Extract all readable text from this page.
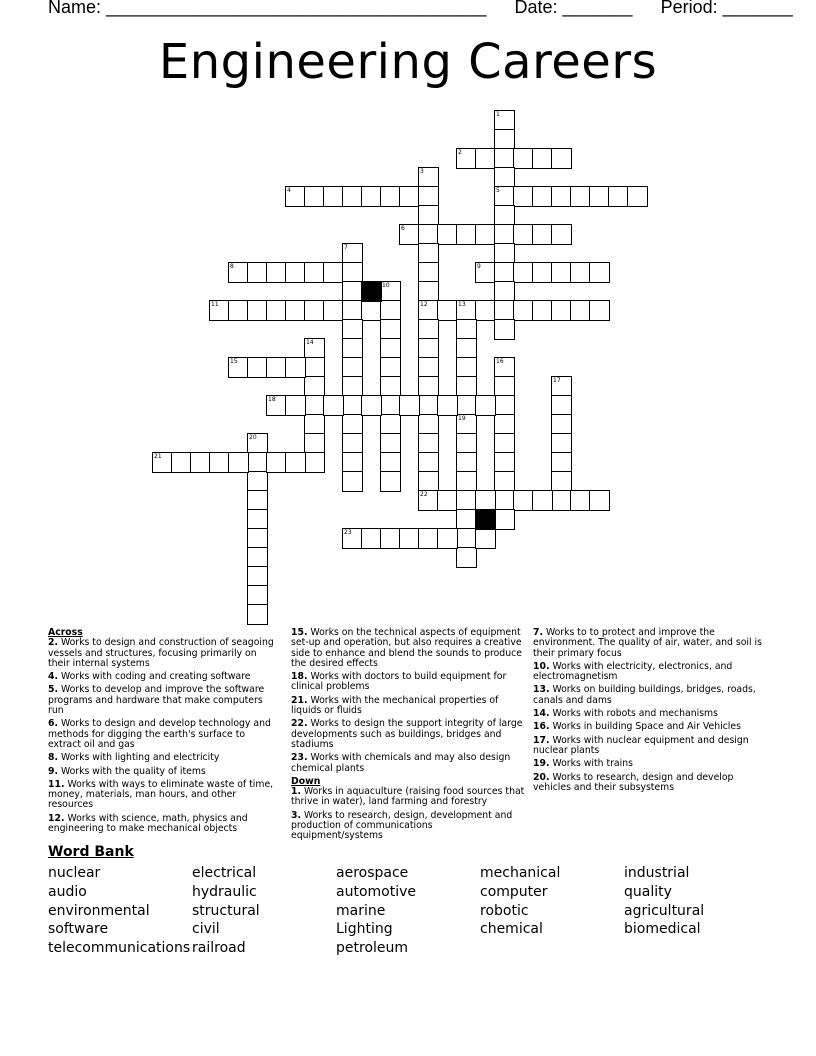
Name: ______________________________________ Date: _______ Period: _______
Engineering Careers
1
2
3
4	5
6
7
8	9
10
11	12	13
14
15	16
17
18
19
20
21
22
23
Across
2. Works to design and construction of seagoing vessels and structures, focusing primarily on their internal systems
4. Works with coding and creating software
5. Works to develop and improve the software programs and hardware that make computers run
6. Works to design and develop technology and methods for digging the earth's surface to extract oil and gas
8. Works with lighting and electricity
9. Works with the quality of items
11. Works with ways to eliminate waste of time, money, materials, man hours, and other resources
12. Works with science, math, physics and engineering to make mechanical objects
15. Works on the technical aspects of equipment set-up and operation, but also requires a creative side to enhance and blend the sounds to produce the desired effects
18. Works with doctors to build equipment for clinical problems
21. Works with the mechanical properties of liquids or fluids
22. Works to design the support integrity of large developments such as buildings, bridges and stadiums
23. Works with chemicals and may also design chemical plants
Down
1. Works in aquaculture (raising food sources that thrive in water), land farming and forestry
3. Works to research, design, development and production of communications equipment/systems
7. Works to to protect and improve the environment. The quality of air, water, and soil is their primary focus
10. Works with electricity, electronics, and electromagnetism
13. Works on building buildings, bridges, roads, canals and dams
14. Works with robots and mechanisms
16. Works in building Space and Air Vehicles
17. Works with nuclear equipment and design nuclear plants
19. Works with trains
20. Works to research, design and develop vehicles and their subsystems
Word Bank
nuclear
audio
environmental
software
telecommunications
electrical
hydraulic
structural
civil
railroad
aerospace
automotive
marine
Lighting
petroleum
mechanical
computer
robotic
chemical
industrial
quality
agricultural
biomedical
